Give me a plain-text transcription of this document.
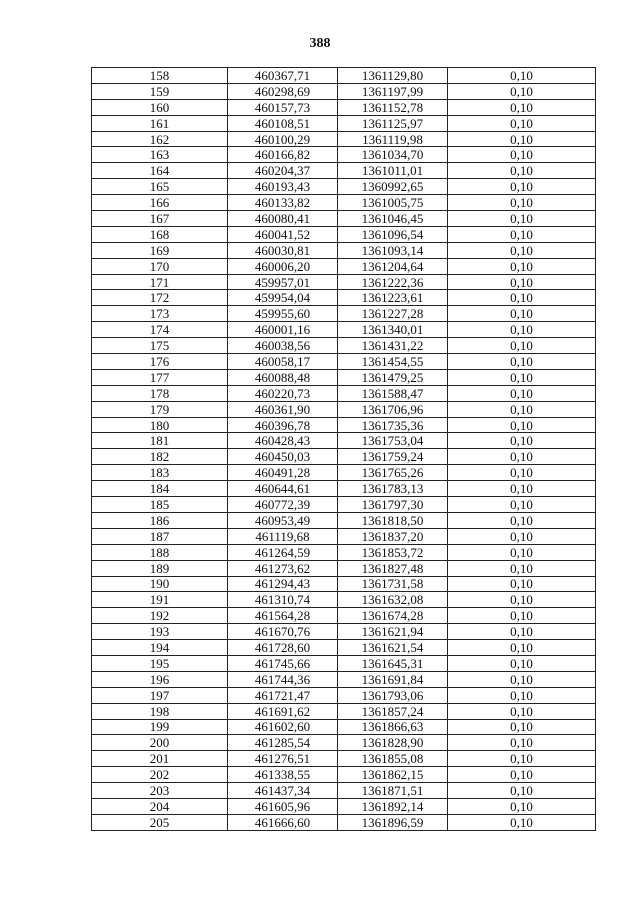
388
158	460367,71	1361129,80	0,10
159	460298,69	1361197,99	0,10
160	460157,73	1361152,78	0,10
161	460108,51	1361125,97	0,10
162	460100,29	1361119,98	0,10
163	460166,82	1361034,70	0,10
164	460204,37	1361011,01	0,10
165	460193,43	1360992,65	0,10
166	460133,82	1361005,75	0,10
167	460080,41	1361046,45	0,10
168	460041,52	1361096,54	0,10
169	460030,81	1361093,14	0,10
170	460006,20	1361204,64	0,10
171	459957,01	1361222,36	0,10
172	459954,04	1361223,61	0,10
173	459955,60	1361227,28	0,10
174	460001,16	1361340,01	0,10
175	460038,56	1361431,22	0,10
176	460058,17	1361454,55	0,10
177	460088,48	1361479,25	0,10
178	460220,73	1361588,47	0,10
179	460361,90	1361706,96	0,10
180	460396,78	1361735,36	0,10
181	460428,43	1361753,04	0,10
182	460450,03	1361759,24	0,10
183	460491,28	1361765,26	0,10
184	460644,61	1361783,13	0,10
185	460772,39	1361797,30	0,10
186	460953,49	1361818,50	0,10
187	461119,68	1361837,20	0,10
188	461264,59	1361853,72	0,10
189	461273,62	1361827,48	0,10
190	461294,43	1361731,58	0,10
191	461310,74	1361632,08	0,10
192	461564,28	1361674,28	0,10
193	461670,76	1361621,94	0,10
194	461728,60	1361621,54	0,10
195	461745,66	1361645,31	0,10
196	461744,36	1361691,84	0,10
197	461721,47	1361793,06	0,10
198	461691,62	1361857,24	0,10
199	461602,60	1361866,63	0,10
200	461285,54	1361828,90	0,10
201	461276,51	1361855,08	0,10
202	461338,55	1361862,15	0,10
203	461437,34	1361871,51	0,10
204	461605,96	1361892,14	0,10
205	461666,60	1361896,59	0,10
